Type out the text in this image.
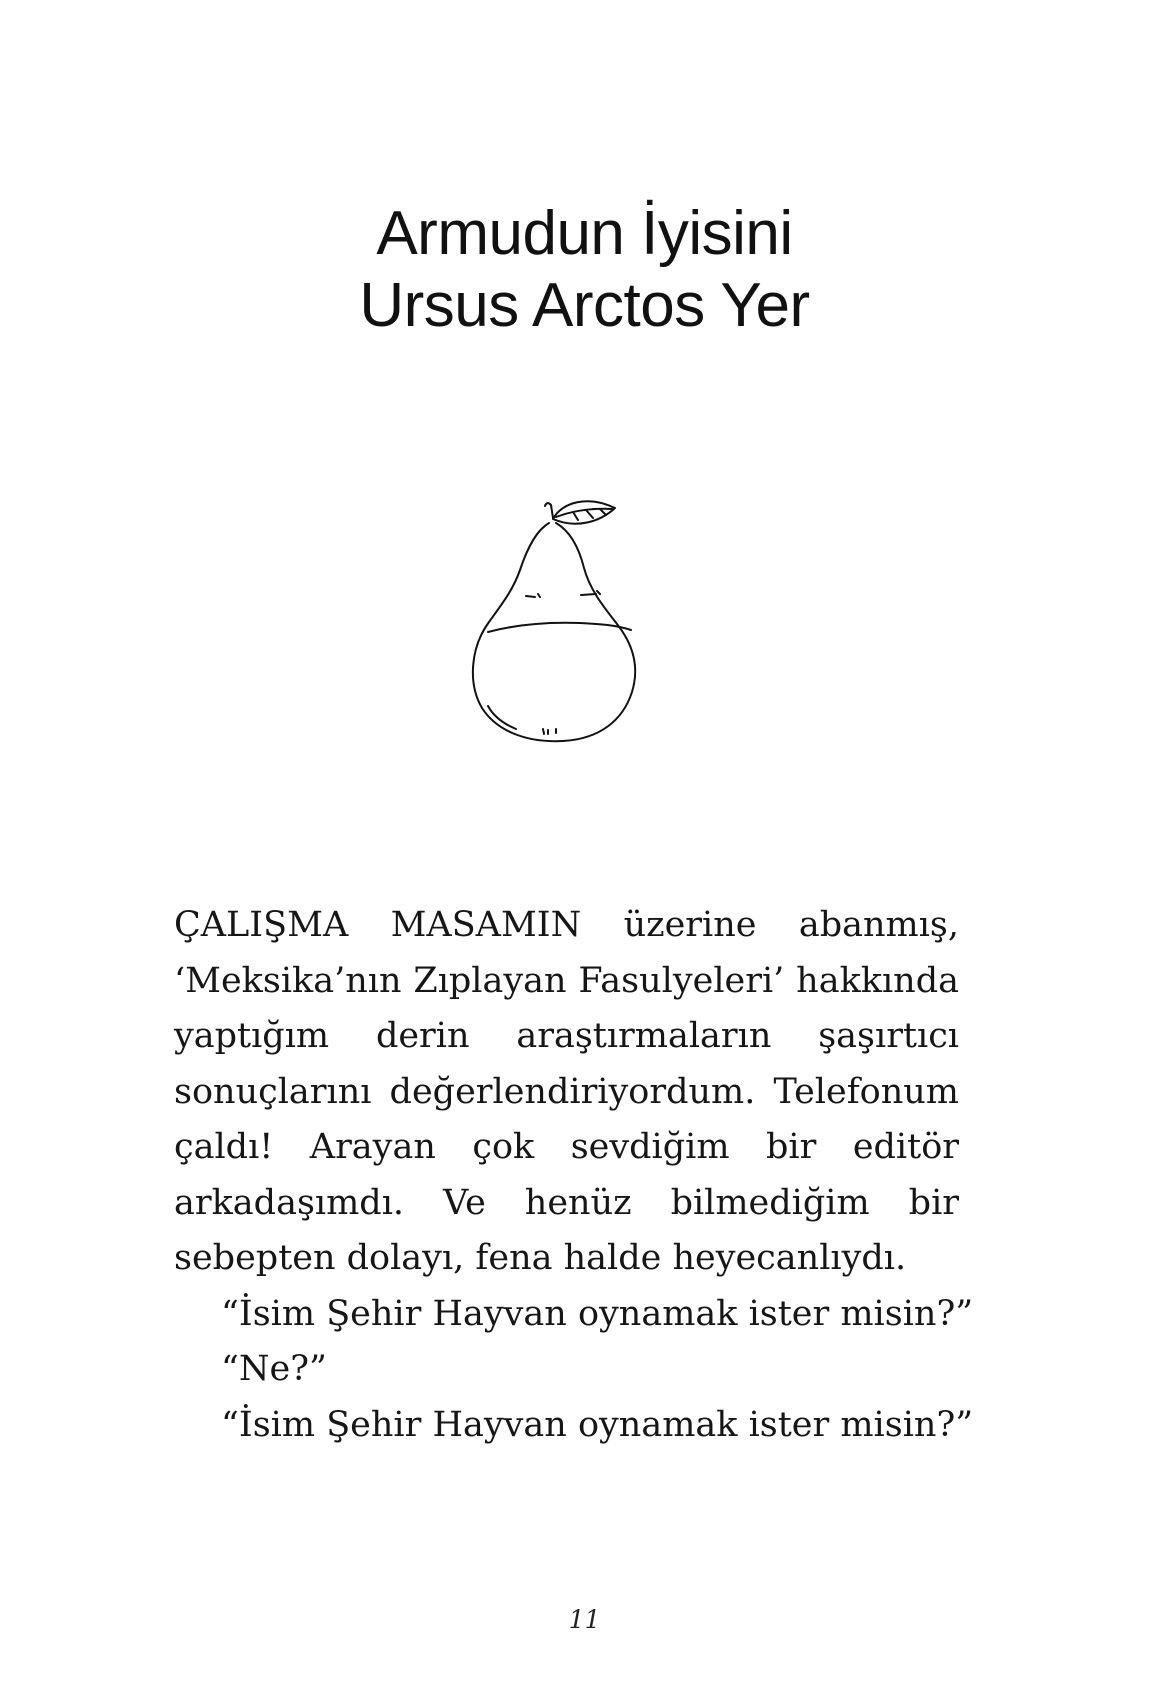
Armudun İyisini
Ursus Arctos Yer

ÇALIŞMA MASAMIN üzerine abanmış, ‘Meksika’nın Zıplayan Fasulyeleri’ hakkında yaptığım derin araştırmaların şaşırtıcı sonuçlarını değerlendiriyordum. Telefonum çaldı! Arayan çok sevdiğim bir editör arkadaşımdı. Ve henüz bilmediğim bir sebepten dolayı, fena halde heyecanlıydı.

“İsim Şehir Hayvan oynamak ister misin?”

“Ne?”

“İsim Şehir Hayvan oynamak ister misin?”

11
